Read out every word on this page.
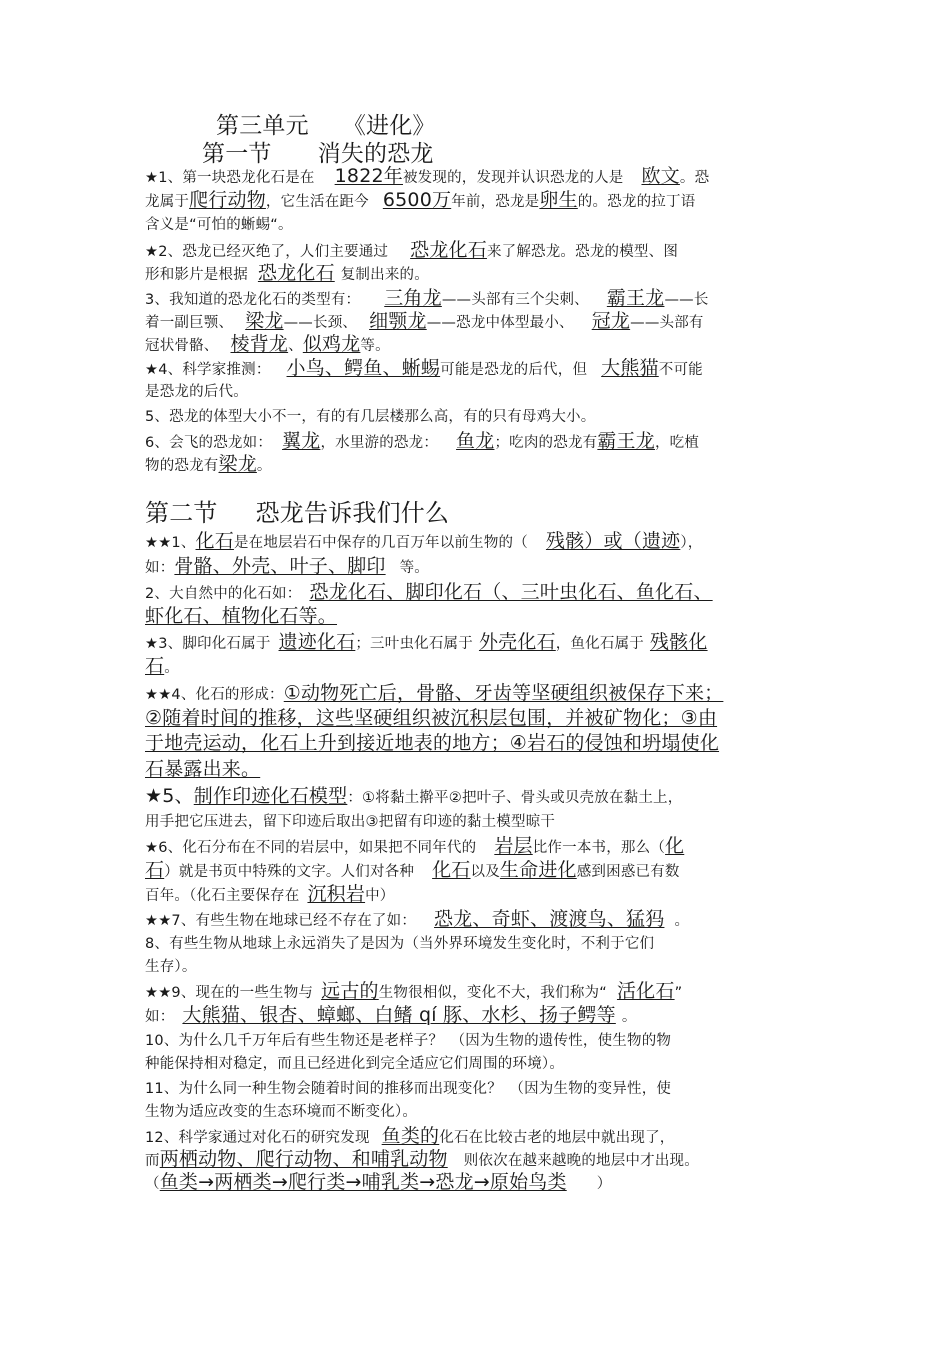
第三单元 《进化》
第一节 消失的恐龙
★1、第一块恐龙化石是在 1822年被发现的，发现并认识恐龙的人是 欧文。恐
龙属于爬行动物，它生活在距今 6500万年前，恐龙是卵生的。恐龙的拉丁语
含义是“可怕的蜥蜴“。
★2、恐龙已经灭绝了，人们主要通过 恐龙化石来了解恐龙。恐龙的模型、图
形和影片是根据 恐龙化石 复制出来的。
3、我知道的恐龙化石的类型有： 三角龙——头部有三个尖刺、 霸王龙——长
着一副巨颚、 梁龙——长颈、 细颚龙——恐龙中体型最小、 冠龙——头部有
冠状骨骼、 棱背龙、似鸡龙等。
★4、科学家推测： 小鸟、鳄鱼、蜥蜴可能是恐龙的后代，但 大熊猫不可能
是恐龙的后代。
5、恐龙的体型大小不一，有的有几层楼那么高，有的只有母鸡大小。
6、会飞的恐龙如： 翼龙，水里游的恐龙： 鱼龙；吃肉的恐龙有霸王龙，吃植
物的恐龙有梁龙。
第二节 恐龙告诉我们什么
★★1、化石是在地层岩石中保存的几百万年以前生物的（ 残骸）或（遗迹），
如：骨骼、外壳、叶子、脚印 等。
2、大自然中的化石如： 恐龙化石、脚印化石（、三叶虫化石、鱼化石、
虾化石、植物化石等。
★3、脚印化石属于 遗迹化石；三叶虫化石属于 外壳化石，鱼化石属于 残骸化
石。
★★4、化石的形成：①动物死亡后，骨骼、牙齿等坚硬组织被保存下来；
②随着时间的推移，这些坚硬组织被沉积层包围，并被矿物化；③由
于地壳运动，化石上升到接近地表的地方；④岩石的侵蚀和坍塌使化
石暴露出来。
★5、制作印迹化石模型：①将黏土擀平②把叶子、骨头或贝壳放在黏土上，
用手把它压进去，留下印迹后取出③把留有印迹的黏土模型晾干
★6、化石分布在不同的岩层中，如果把不同年代的 岩层比作一本书，那么（化
石）就是书页中特殊的文字。人们对各种 化石以及生命进化感到困惑已有数
百年。（化石主要保存在 沉积岩中）
★★7、有些生物在地球已经不存在了如： 恐龙、奇虾、渡渡鸟、猛犸 。
8、有些生物从地球上永远消失了是因为（当外界环境发生变化时，不利于它们
生存）。
★★9、现在的一些生物与 远古的生物很相似，变化不大，我们称为“ 活化石”
如： 大熊猫、银杏、蟑螂、白鳍 qí 豚、水杉、扬子鳄等 。
10、为什么几千万年后有些生物还是老样子？　（因为生物的遗传性，使生物的物
种能保持相对稳定，而且已经进化到完全适应它们周围的环境）。
11、为什么同一种生物会随着时间的推移而出现变化？　（因为生物的变异性，使
生物为适应改变的生态环境而不断变化）。
12、科学家通过对化石的研究发现 鱼类的化石在比较古老的地层中就出现了，
而两栖动物、爬行动物、和哺乳动物 则依次在越来越晚的地层中才出现。
（鱼类→两栖类→爬行类→哺乳类→恐龙→原始鸟类 ）
